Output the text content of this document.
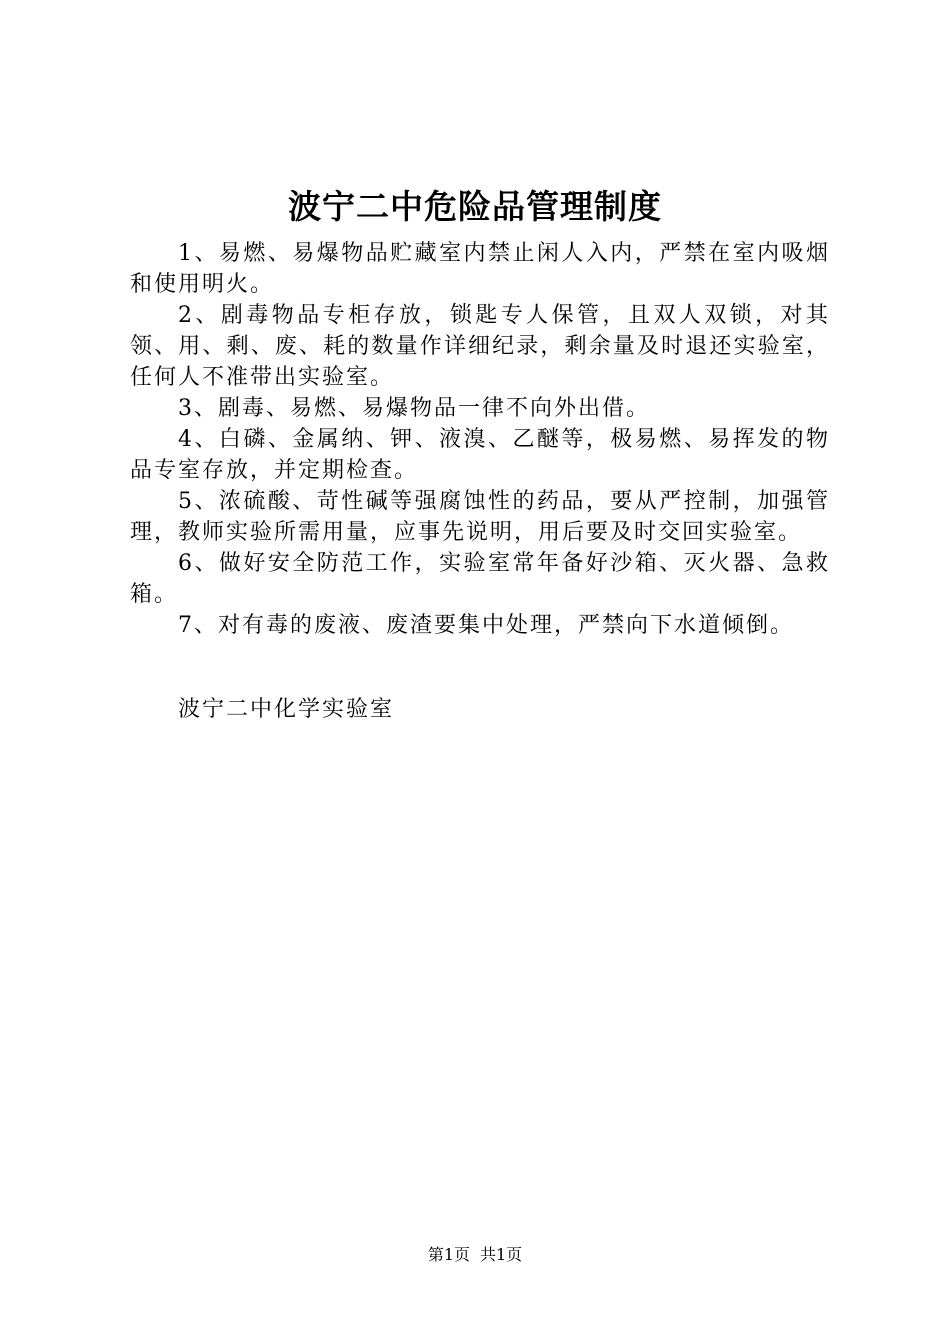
波宁二中危险品管理制度

1、易燃、易爆物品贮藏室内禁止闲人入内，严禁在室内吸烟和使用明火。

2、剧毒物品专柜存放，锁匙专人保管，且双人双锁，对其领、用、剩、废、耗的数量作详细纪录，剩余量及时退还实验室，任何人不准带出实验室。

3、剧毒、易燃、易爆物品一律不向外出借。

4、白磷、金属纳、钾、液溴、乙醚等，极易燃、易挥发的物品专室存放，并定期检查。

5、浓硫酸、苛性碱等强腐蚀性的药品，要从严控制，加强管理，教师实验所需用量，应事先说明，用后要及时交回实验室。

6、做好安全防范工作，实验室常年备好沙箱、灭火器、急救箱。

7、对有毒的废液、废渣要集中处理，严禁向下水道倾倒。

波宁二中化学实验室

第1页 共1页
